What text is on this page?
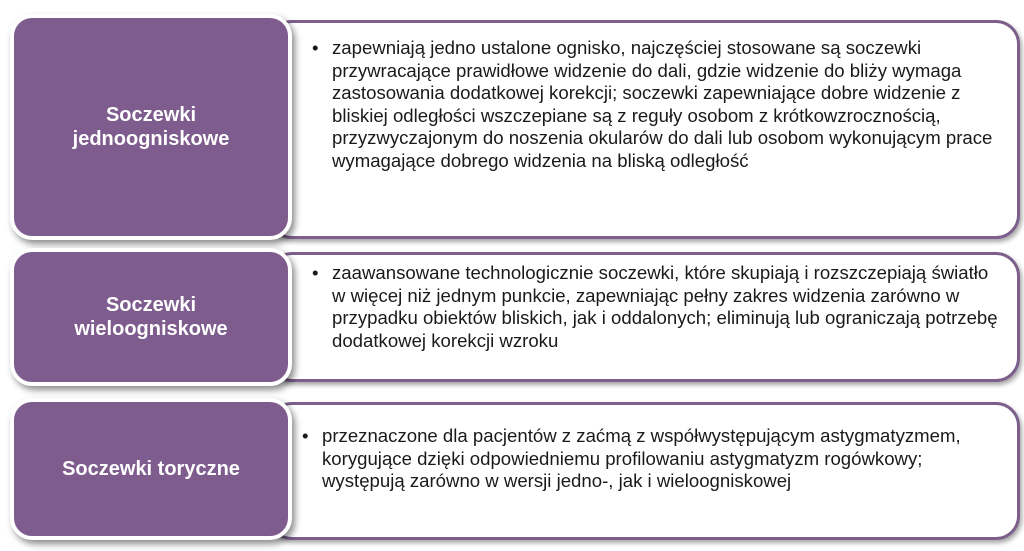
• zapewniają jedno ustalone ognisko, najczęściej stosowane są soczewki przywracające prawidłowe widzenie do dali, gdzie widzenie do bliży wymaga zastosowania dodatkowej korekcji; soczewki zapewniające dobre widzenie z bliskiej odległości wszczepiane są z reguły osobom z krótkowzrocznością, przyzwyczajonym do noszenia okularów do dali lub osobom wykonującym prace wymagające dobrego widzenia na bliską odległość
Soczewki jednoogniskowe
• zaawansowane technologicznie soczewki, które skupiają i rozszczepiają światło w więcej niż jednym punkcie, zapewniając pełny zakres widzenia zarówno w przypadku obiektów bliskich, jak i oddalonych; eliminują lub ograniczają potrzebę dodatkowej korekcji wzroku
Soczewki wieloogniskowe
• przeznaczone dla pacjentów z zaćmą z współwystępującym astygmatyzmem, korygujące dzięki odpowiedniemu profilowaniu astygmatyzm rogówkowy; występują zarówno w wersji jedno-, jak i wieloogniskowej
Soczewki toryczne
